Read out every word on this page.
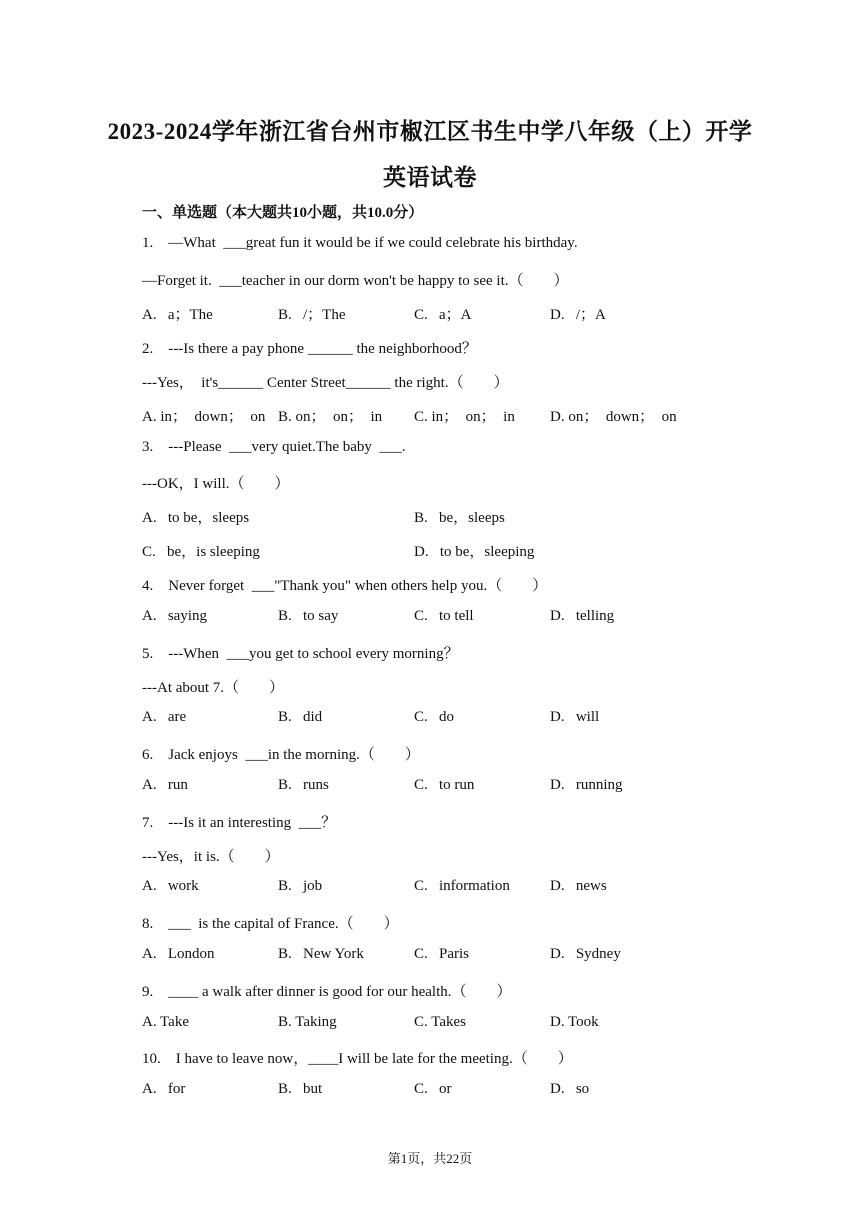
2023-2024学年浙江省台州市椒江区书生中学八年级（上）开学
英语试卷
一、单选题（本大题共10小题，共10.0分）
1.    —What  ___great fun it would be if we could celebrate his birthday.
—Forget it.  ___teacher in our dorm won't be happy to see it.（        ）
A.   a；The	B.   /；The	C.   a；A	D.   /；A
2.    ---Is there a pay phone ______ the neighborhood？
---Yes，  it's______ Center Street______ the right.（        ）
A. in；  down；  on B. on；  on；  in C. in；  on；  in D. on；  down；  on
3.    ---Please  ___very quiet.The baby  ___.
---OK，I will.（        ）
A.   to be，sleeps	B.   be，sleeps
C.   be，is sleeping	D.   to be，sleeping
4.    Never forget  ___"Thank you" when others help you.（        ）
A.   saying	B.   to say	C.   to tell	D.   telling
5.    ---When  ___you get to school every morning？
---At about 7.（        ）
A.   are	B.   did	C.   do	D.   will
6.    Jack enjoys  ___in the morning.（        ）
A.   run	B.   runs	C.   to run	D.   running
7.    ---Is it an interesting  ___？
---Yes，it is.（        ）
A.   work	B.   job	C.   information	D.   news
8.    ___  is the capital of France.（        ）
A.   London	B.   New York	C.   Paris	D.   Sydney
9.    ____ a walk after dinner is good for our health.（        ）
A. Take	B. Taking	C. Takes	D. Took
10.    I have to leave now，____I will be late for the meeting.（        ）
A.   for	B.   but	C.   or	D.   so
第1页，共22页
